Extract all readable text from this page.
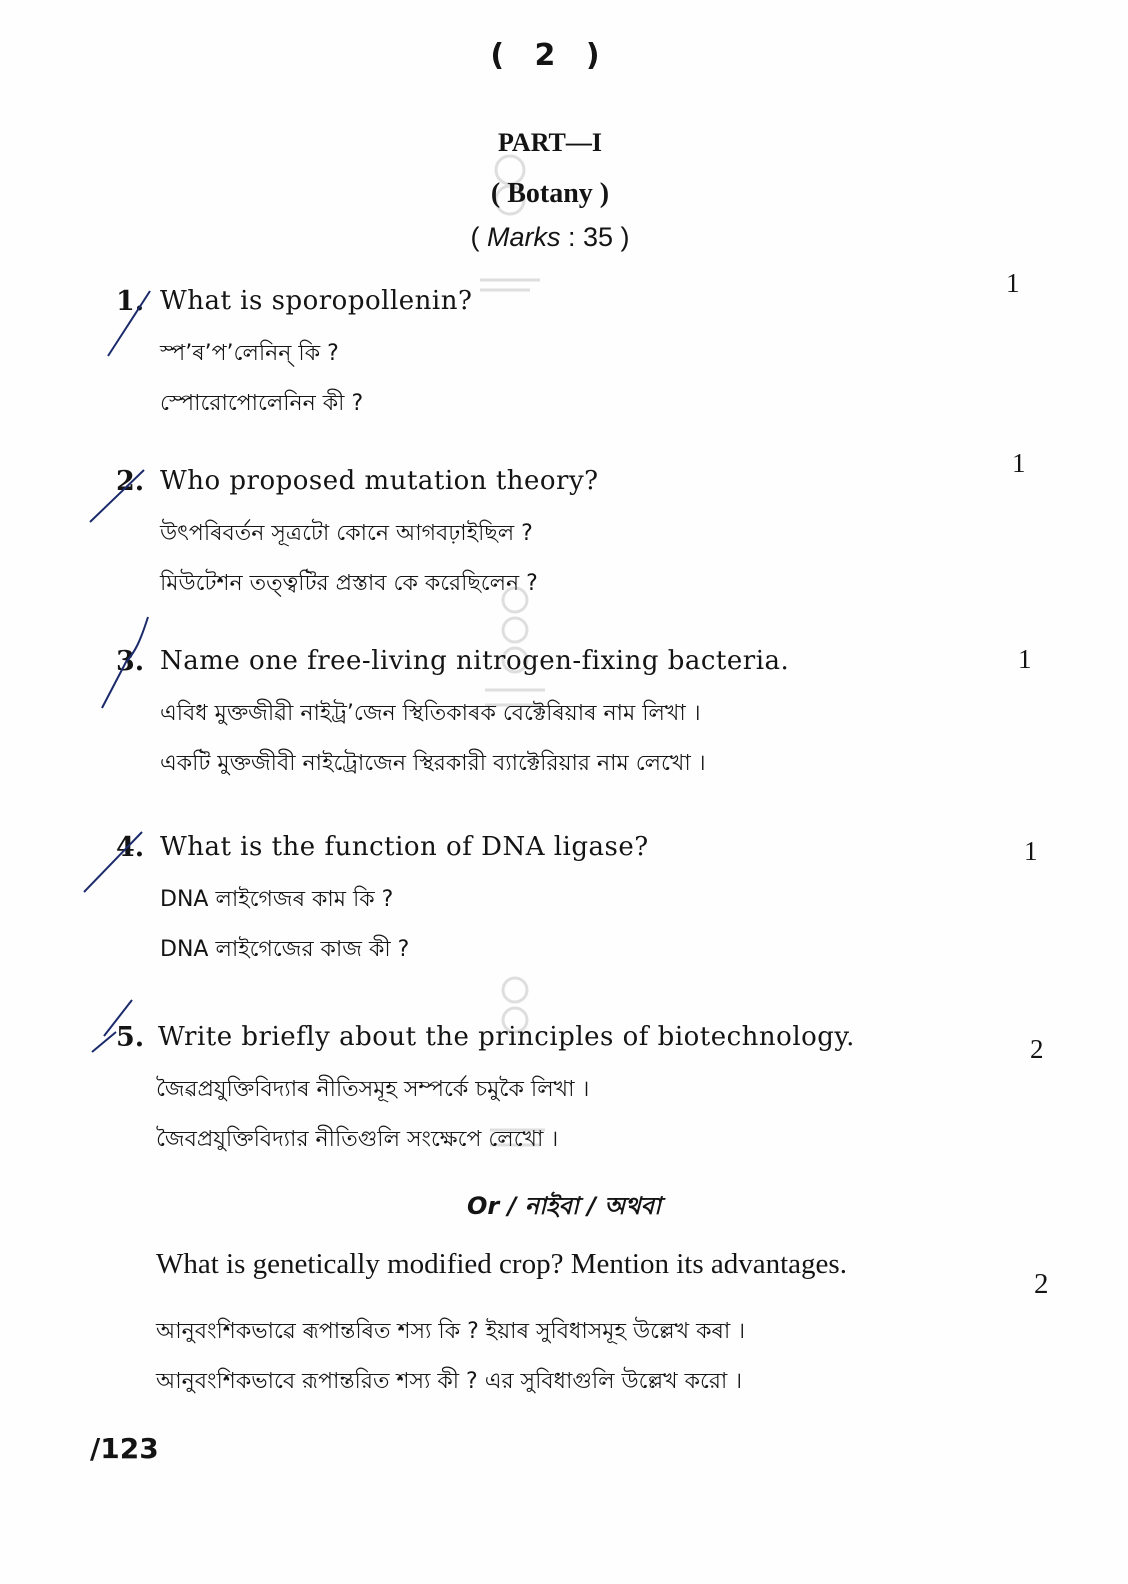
( 2 )
PART—I
( Botany )
( Marks : 35 )
1. What is sporopollenin?
স্প’ৰ’প’লেনিন্ কি ?
স্পোরোপোলেনিন কী ?
1
2. Who proposed mutation theory?
উৎপৰিবৰ্তন সূত্ৰটো কোনে আগবঢ়াইছিল ?
মিউটেশন তত্ত্বটির প্রস্তাব কে করেছিলেন ?
1
3. Name one free-living nitrogen-fixing bacteria.
এবিধ মুক্তজীৱী নাইট্ৰ’জেন স্থিতিকাৰক বেক্টেৰিয়াৰ নাম লিখা ।
একটি মুক্তজীবী নাইট্রোজেন স্থিরকারী ব্যাক্টেরিয়ার নাম লেখো ।
1
4. What is the function of DNA ligase?
DNA লাইগেজৰ কাম কি ?
DNA লাইগেজের কাজ কী ?
1
5. Write briefly about the principles of biotechnology.
জৈৱপ্ৰযুক্তিবিদ্যাৰ নীতিসমূহ সম্পৰ্কে চমুকৈ লিখা ।
জৈবপ্রযুক্তিবিদ্যার নীতিগুলি সংক্ষেপে লেখো ।
2
Or / নাইবা / অথবা
What is genetically modified crop? Mention its advantages.
আনুবংশিকভাৱে ৰূপান্তৰিত শস্য কি ? ইয়াৰ সুবিধাসমূহ উল্লেখ কৰা ।
আনুবংশিকভাবে রূপান্তরিত শস্য কী ? এর সুবিধাগুলি উল্লেখ করো ।
2
/123
